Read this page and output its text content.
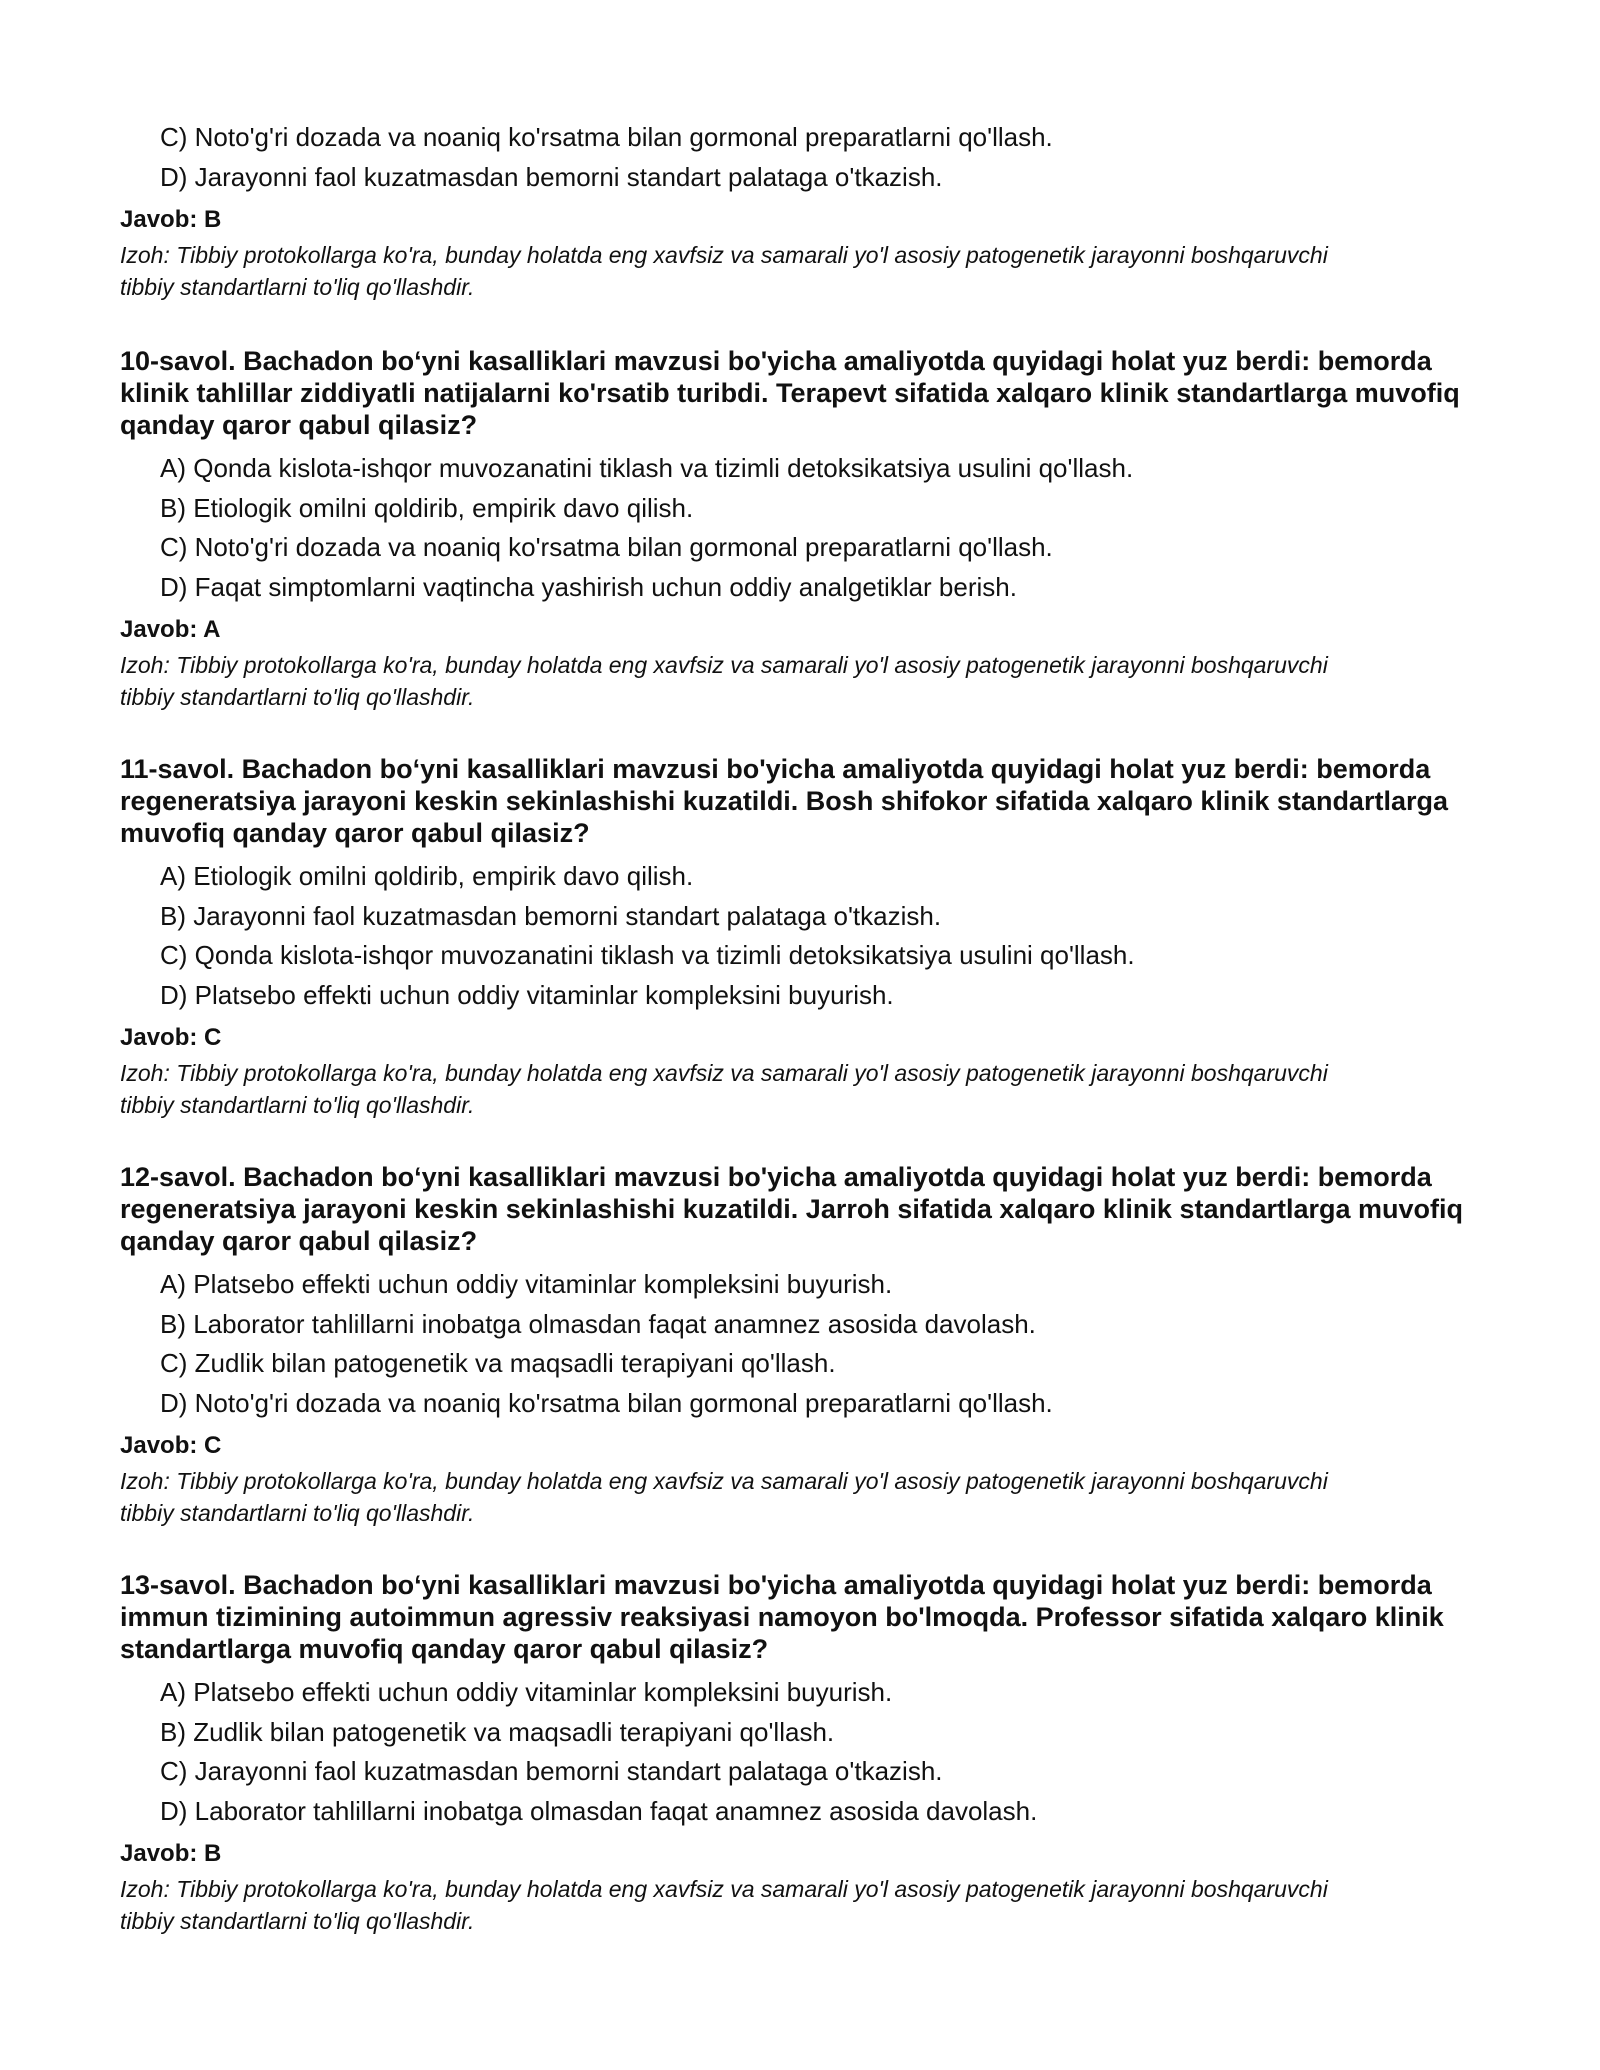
C) Noto'g'ri dozada va noaniq ko'rsatma bilan gormonal preparatlarni qo'llash.
D) Jarayonni faol kuzatmasdan bemorni standart palataga o'tkazish.

Javob: B

Izoh: Tibbiy protokollarga ko'ra, bunday holatda eng xavfsiz va samarali yo'l asosiy patogenetik jarayonni boshqaruvchi tibbiy standartlarni to'liq qo'llashdir.

10-savol. Bachadon bo‘yni kasalliklari mavzusi bo'yicha amaliyotda quyidagi holat yuz berdi: bemorda klinik tahlillar ziddiyatli natijalarni ko'rsatib turibdi. Terapevt sifatida xalqaro klinik standartlarga muvofiq qanday qaror qabul qilasiz?

A) Qonda kislota-ishqor muvozanatini tiklash va tizimli detoksikatsiya usulini qo'llash.
B) Etiologik omilni qoldirib, empirik davo qilish.
C) Noto'g'ri dozada va noaniq ko'rsatma bilan gormonal preparatlarni qo'llash.
D) Faqat simptomlarni vaqtincha yashirish uchun oddiy analgetiklar berish.

Javob: A

Izoh: Tibbiy protokollarga ko'ra, bunday holatda eng xavfsiz va samarali yo'l asosiy patogenetik jarayonni boshqaruvchi tibbiy standartlarni to'liq qo'llashdir.

11-savol. Bachadon bo‘yni kasalliklari mavzusi bo'yicha amaliyotda quyidagi holat yuz berdi: bemorda regeneratsiya jarayoni keskin sekinlashishi kuzatildi. Bosh shifokor sifatida xalqaro klinik standartlarga muvofiq qanday qaror qabul qilasiz?

A) Etiologik omilni qoldirib, empirik davo qilish.
B) Jarayonni faol kuzatmasdan bemorni standart palataga o'tkazish.
C) Qonda kislota-ishqor muvozanatini tiklash va tizimli detoksikatsiya usulini qo'llash.
D) Platsebo effekti uchun oddiy vitaminlar kompleksini buyurish.

Javob: C

Izoh: Tibbiy protokollarga ko'ra, bunday holatda eng xavfsiz va samarali yo'l asosiy patogenetik jarayonni boshqaruvchi tibbiy standartlarni to'liq qo'llashdir.

12-savol. Bachadon bo‘yni kasalliklari mavzusi bo'yicha amaliyotda quyidagi holat yuz berdi: bemorda regeneratsiya jarayoni keskin sekinlashishi kuzatildi. Jarroh sifatida xalqaro klinik standartlarga muvofiq qanday qaror qabul qilasiz?

A) Platsebo effekti uchun oddiy vitaminlar kompleksini buyurish.
B) Laborator tahlillarni inobatga olmasdan faqat anamnez asosida davolash.
C) Zudlik bilan patogenetik va maqsadli terapiyani qo'llash.
D) Noto'g'ri dozada va noaniq ko'rsatma bilan gormonal preparatlarni qo'llash.

Javob: C

Izoh: Tibbiy protokollarga ko'ra, bunday holatda eng xavfsiz va samarali yo'l asosiy patogenetik jarayonni boshqaruvchi tibbiy standartlarni to'liq qo'llashdir.

13-savol. Bachadon bo‘yni kasalliklari mavzusi bo'yicha amaliyotda quyidagi holat yuz berdi: bemorda immun tizimining autoimmun agressiv reaksiyasi namoyon bo'lmoqda. Professor sifatida xalqaro klinik standartlarga muvofiq qanday qaror qabul qilasiz?

A) Platsebo effekti uchun oddiy vitaminlar kompleksini buyurish.
B) Zudlik bilan patogenetik va maqsadli terapiyani qo'llash.
C) Jarayonni faol kuzatmasdan bemorni standart palataga o'tkazish.
D) Laborator tahlillarni inobatga olmasdan faqat anamnez asosida davolash.

Javob: B

Izoh: Tibbiy protokollarga ko'ra, bunday holatda eng xavfsiz va samarali yo'l asosiy patogenetik jarayonni boshqaruvchi tibbiy standartlarni to'liq qo'llashdir.
